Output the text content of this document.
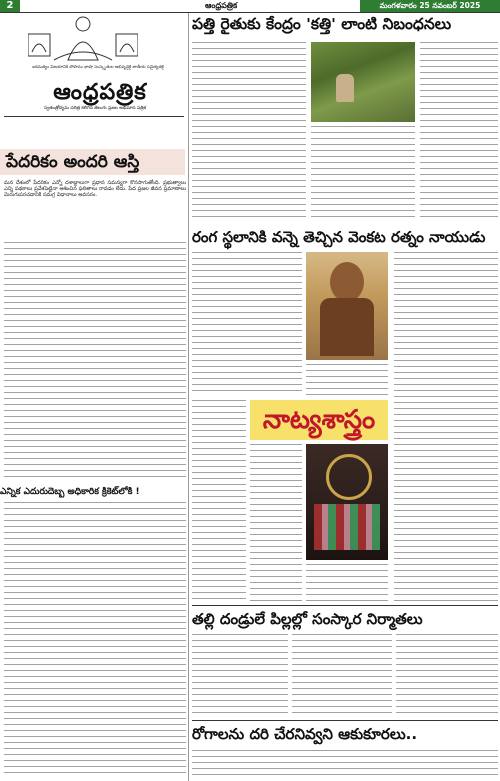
2	ఆంధ్రపత్రిక	మంగళవారం 25 నవంబర్ 2025
ఐకమత్యం విజయానికి సోపానం భాషా సంస్కృతుల అభివృద్ధికై జాతీయ సమైక్యతకై
ఆంధ్రపత్రిక
స్వతంత్రోద్యమ చరిత్ర కలిగిన తెలుగు ప్రజల అభిమాన పత్రిక
పేదరికం అందరి ఆస్తి
మన దేశంలో పేదరికం ఎన్నో దశాబ్దాలుగా ప్రధాన సమస్యగా కొనసాగుతోంది. ప్రభుత్వాలు ఎన్ని పథకాలు ప్రవేశపెట్టినా ఆశించిన ఫలితాలు రావడం లేదు. పేద ప్రజల జీవన ప్రమాణాలు మెరుగుపరచడానికి సమగ్ర విధానాలు అవసరం.
ఎన్నిక ఎదురుదెబ్బ అధికారిక క్రికెట్‌లోకి !
పత్తి రైతుకు కేంద్రం 'కత్తి' లాంటి నిబంధనలు
రంగ స్థలానికి వన్నె తెచ్చిన వెంకట రత్నం నాయుడు
నాట్యశాస్త్రం
తల్లి దండ్రులే పిల్లల్లో సంస్కార నిర్మాతలు
రోగాలను దరి చేరనివ్వని ఆకుకూరలు..
